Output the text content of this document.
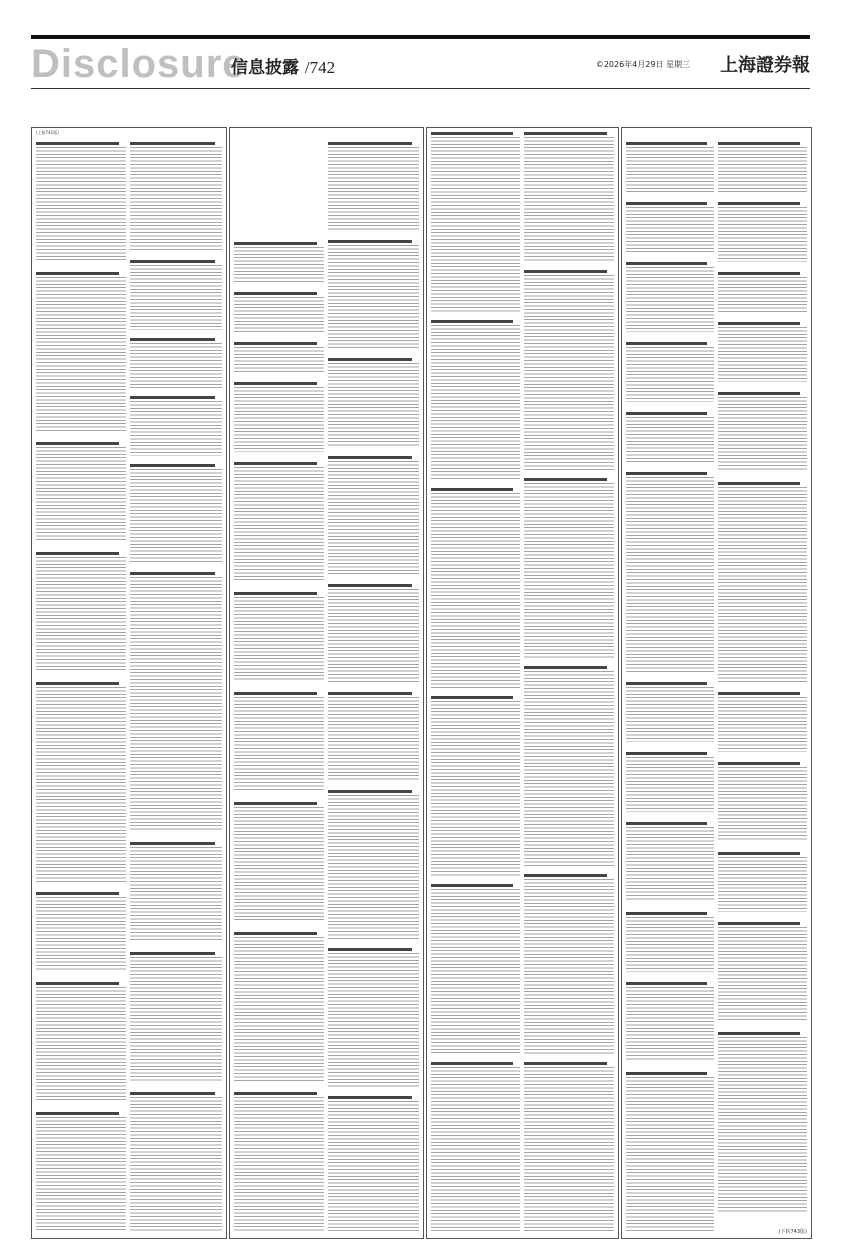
Disclosure
信息披露 /742	©2026年4月29日 星期三 上海證券報
(上接741版)
(下转743版)
